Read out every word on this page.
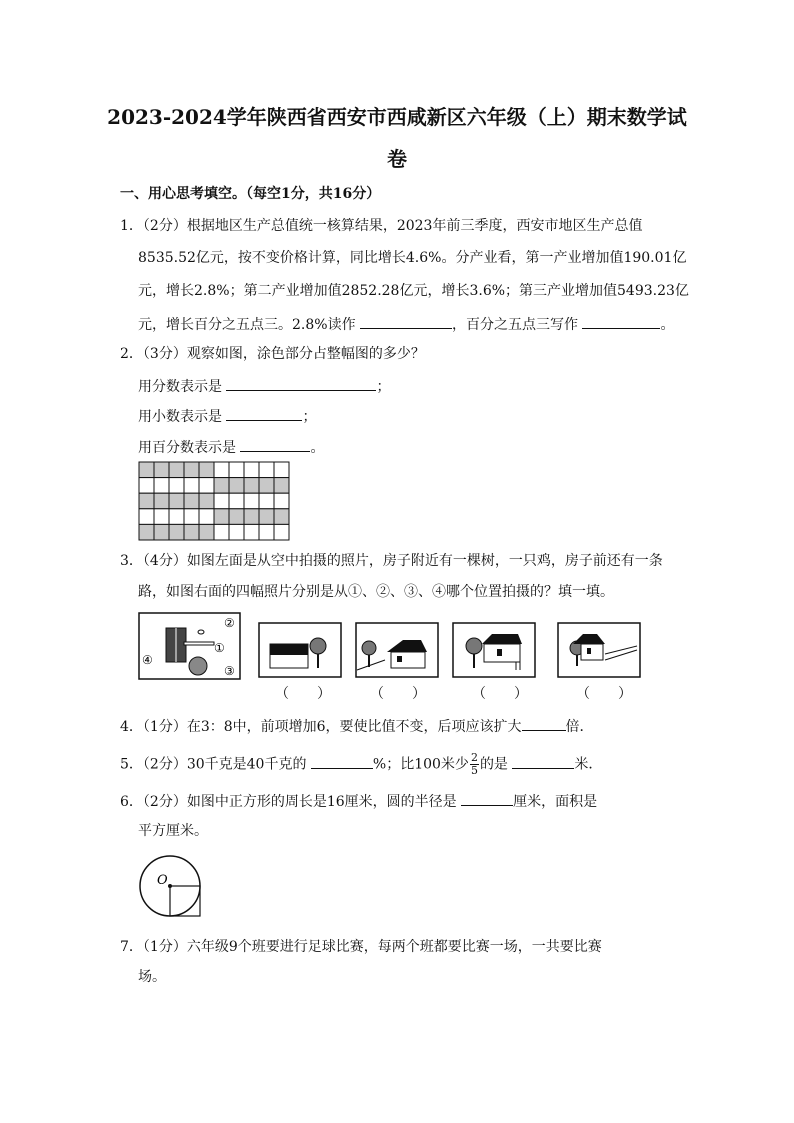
2023-2024学年陕西省西安市西咸新区六年级（上）期末数学试
卷
一、用心思考填空。（每空1分，共16分）
1．（2分）根据地区生产总值统一核算结果，2023年前三季度，西安市地区生产总值
8535.52亿元，按不变价格计算，同比增长4.6%。分产业看，第一产业增加值190.01亿
元，增长2.8%；第二产业增加值2852.28亿元，增长3.6%；第三产业增加值5493.23亿
元，增长百分之五点三。2.8%读作	，百分之五点三写作	。
2．（3分）观察如图，涂色部分占整幅图的多少？
用分数表示是	；
用小数表示是	；
用百分数表示是	。
3．（4分）如图左面是从空中拍摄的照片，房子附近有一棵树，一只鸡，房子前还有一条
路，如图右面的四幅照片分别是从①、②、③、④哪个位置拍摄的？填一填。
②
①
③
④
（　　）	（　　）	（　　）	（　　）
4．（1分）在3：8中，前项增加6，要使比值不变，后项应该扩大	倍．
5．（2分）30千克是40千克的	%；比100米少 $\frac{2}{5}$ 的是	米．
6．（2分）如图中正方形的周长是16厘米，圆的半径是	厘米，面积是
平方厘米。
O
7．（1分）六年级9个班要进行足球比赛，每两个班都要比赛一场，一共要比赛
场。
